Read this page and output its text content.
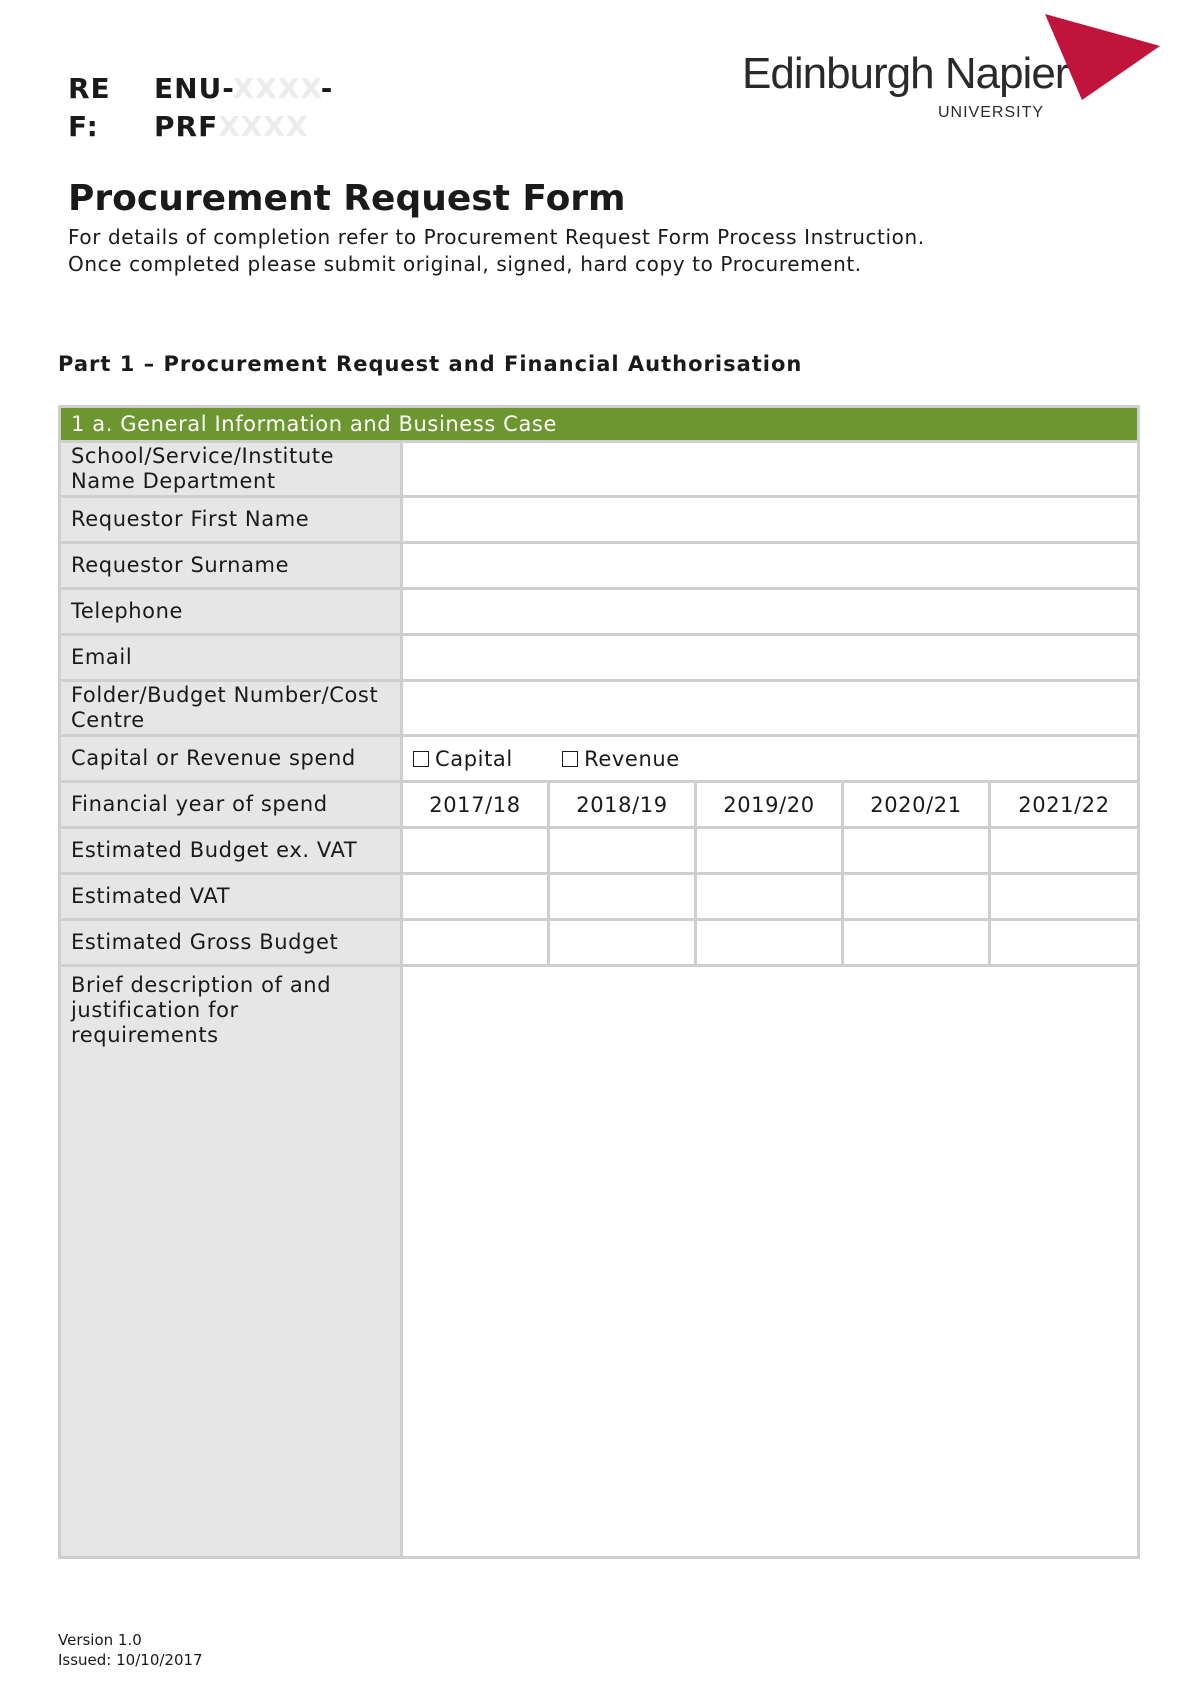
RE
F:
ENU-XXXX-
PRFXXXX
Edinburgh Napier
UNIVERSITY
Procurement Request Form

For details of completion refer to Procurement Request Form Process Instruction.

Once completed please submit original, signed, hard copy to Procurement.

Part 1 – Procurement Request and Financial Authorisation
1 a. General Information and Business Case					
School/Service/Institute Name Department					
Requestor First Name					
Requestor Surname					
Telephone					
Email					
Folder/Budget Number/Cost Centre					
Capital or Revenue spend	Capital Revenue				
Financial year of spend	2017/18	2018/19	2019/20	2020/21	2021/22
Estimated Budget ex. VAT					
Estimated VAT					
Estimated Gross Budget					
Brief description of and justification for requirements					
Version 1.0
Issued: 10/10/2017
